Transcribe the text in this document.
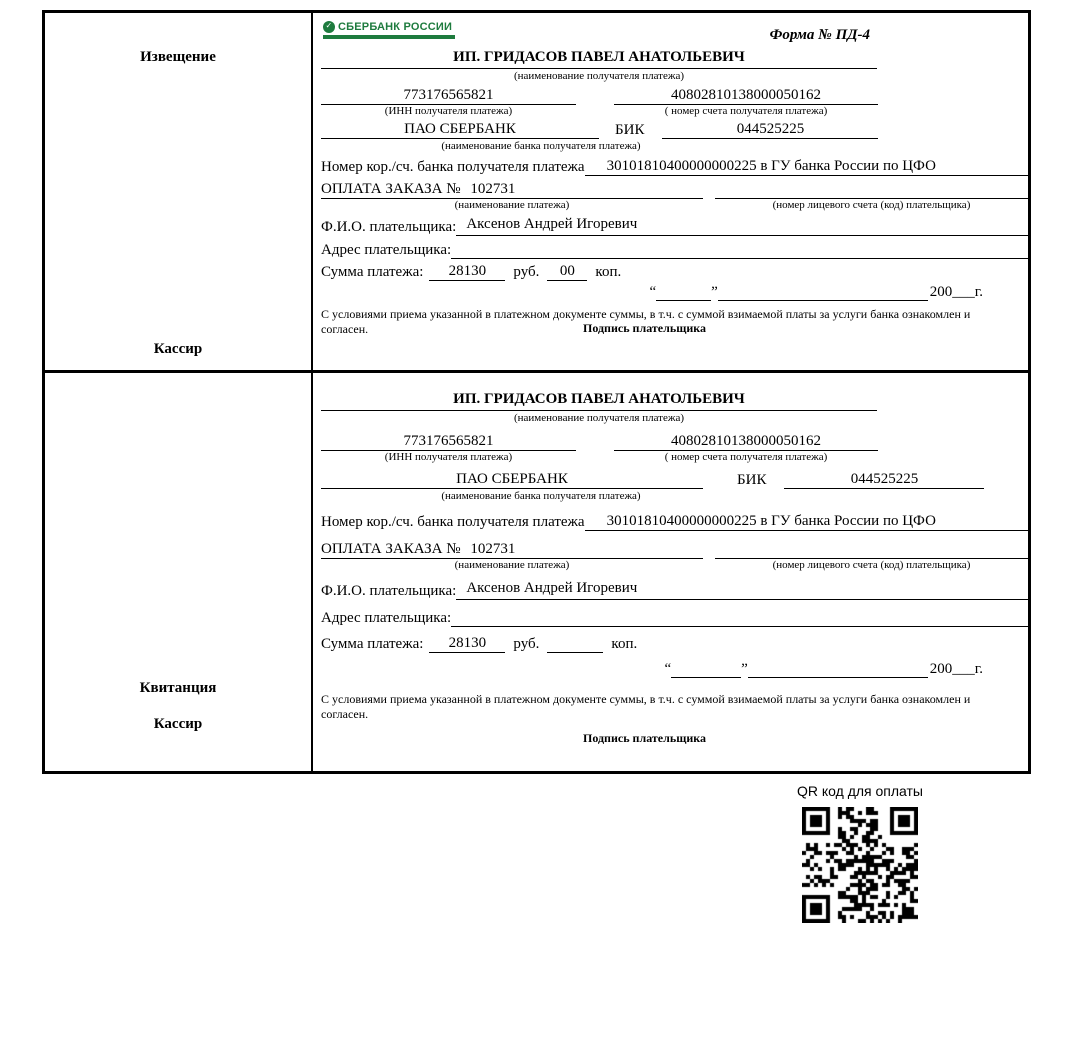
Извещение
Кассир
✓
СБЕРБАНК РОССИИ	Форма № ПД-4
ИП. ГРИДАСОВ ПАВЕЛ АНАТОЛЬЕВИЧ
(наименование получателя платежа)
773176565821	40802810138000050162
(ИНН получателя платежа)	( номер счета получателя платежа)
ПАО СБЕРБАНК	БИК	044525225
(наименование банка получателя платежа)
Номер кор./сч. банка получателя платежа	30101810400000000225 в ГУ банка России по ЦФО
ОПЛАТА ЗАКАЗА № 102731
(наименование платежа)	(номер лицевого счета (код) плательщика)
Ф.И.О. плательщика: Аксенов Андрей Игоревич
Адрес плательщика:
Сумма платежа:	28130	руб.	00	коп.
“	”	200___г.
С условиями приема указанной в платежном документе суммы, в т.ч. с суммой взимаемой платы за услуги банка ознакомлен и согласен.	Подпись плательщика
Квитанция
Кассир
ИП. ГРИДАСОВ ПАВЕЛ АНАТОЛЬЕВИЧ
(наименование получателя платежа)
773176565821	40802810138000050162
(ИНН получателя платежа)	( номер счета получателя платежа)
ПАО СБЕРБАНК	БИК	044525225
(наименование банка получателя платежа)
Номер кор./сч. банка получателя платежа	30101810400000000225 в ГУ банка России по ЦФО
ОПЛАТА ЗАКАЗА № 102731
(наименование платежа)	(номер лицевого счета (код) плательщика)
Ф.И.О. плательщика: Аксенов Андрей Игоревич
Адрес плательщика:
Сумма платежа:	28130	руб.	коп.
“	”	200___г.
С условиями приема указанной в платежном документе суммы, в т.ч. с суммой взимаемой платы за услуги банка ознакомлен и согласен.
Подпись плательщика
QR код для оплаты
